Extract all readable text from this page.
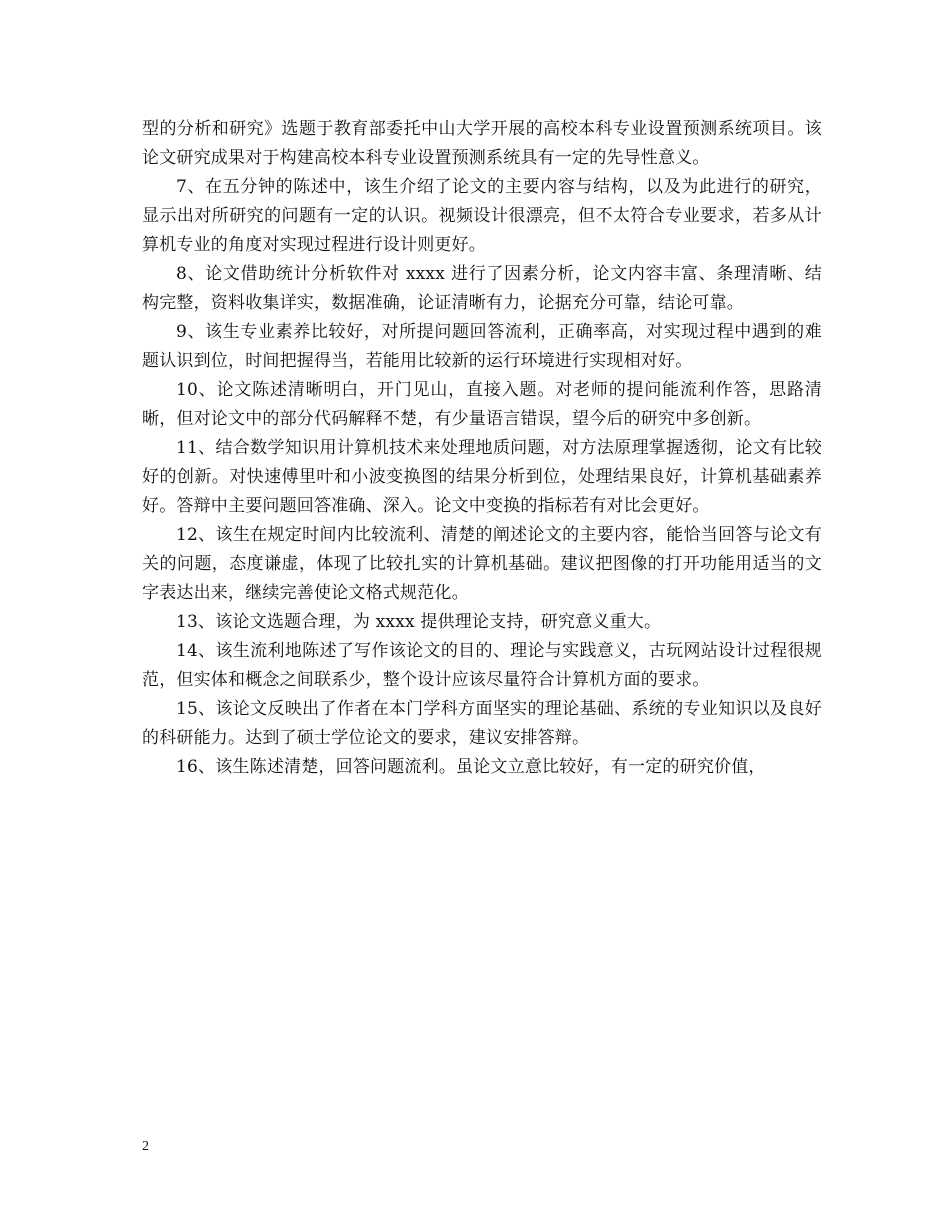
型的分析和研究》选题于教育部委托中山大学开展的高校本科专业设置预测系统项目。该论文研究成果对于构建高校本科专业设置预测系统具有一定的先导性意义。

7、在五分钟的陈述中，该生介绍了论文的主要内容与结构，以及为此进行的研究，显示出对所研究的问题有一定的认识。视频设计很漂亮，但不太符合专业要求，若多从计算机专业的角度对实现过程进行设计则更好。

8、论文借助统计分析软件对 xxxx 进行了因素分析，论文内容丰富、条理清晰、结构完整，资料收集详实，数据准确，论证清晰有力，论据充分可靠，结论可靠。

9、该生专业素养比较好，对所提问题回答流利，正确率高，对实现过程中遇到的难题认识到位，时间把握得当，若能用比较新的运行环境进行实现相对好。

10、论文陈述清晰明白，开门见山，直接入题。对老师的提问能流利作答，思路清晰，但对论文中的部分代码解释不楚，有少量语言错误，望今后的研究中多创新。

11、结合数学知识用计算机技术来处理地质问题，对方法原理掌握透彻，论文有比较好的创新。对快速傅里叶和小波变换图的结果分析到位，处理结果良好，计算机基础素养好。答辩中主要问题回答准确、深入。论文中变换的指标若有对比会更好。

12、该生在规定时间内比较流利、清楚的阐述论文的主要内容，能恰当回答与论文有关的问题，态度谦虚，体现了比较扎实的计算机基础。建议把图像的打开功能用适当的文字表达出来，继续完善使论文格式规范化。

13、该论文选题合理，为 xxxx 提供理论支持，研究意义重大。

14、该生流利地陈述了写作该论文的目的、理论与实践意义，古玩网站设计过程很规范，但实体和概念之间联系少，整个设计应该尽量符合计算机方面的要求。

15、该论文反映出了作者在本门学科方面坚实的理论基础、系统的专业知识以及良好的科研能力。达到了硕士学位论文的要求，建议安排答辩。

16、该生陈述清楚，回答问题流利。虽论文立意比较好，有一定的研究价值，

2
